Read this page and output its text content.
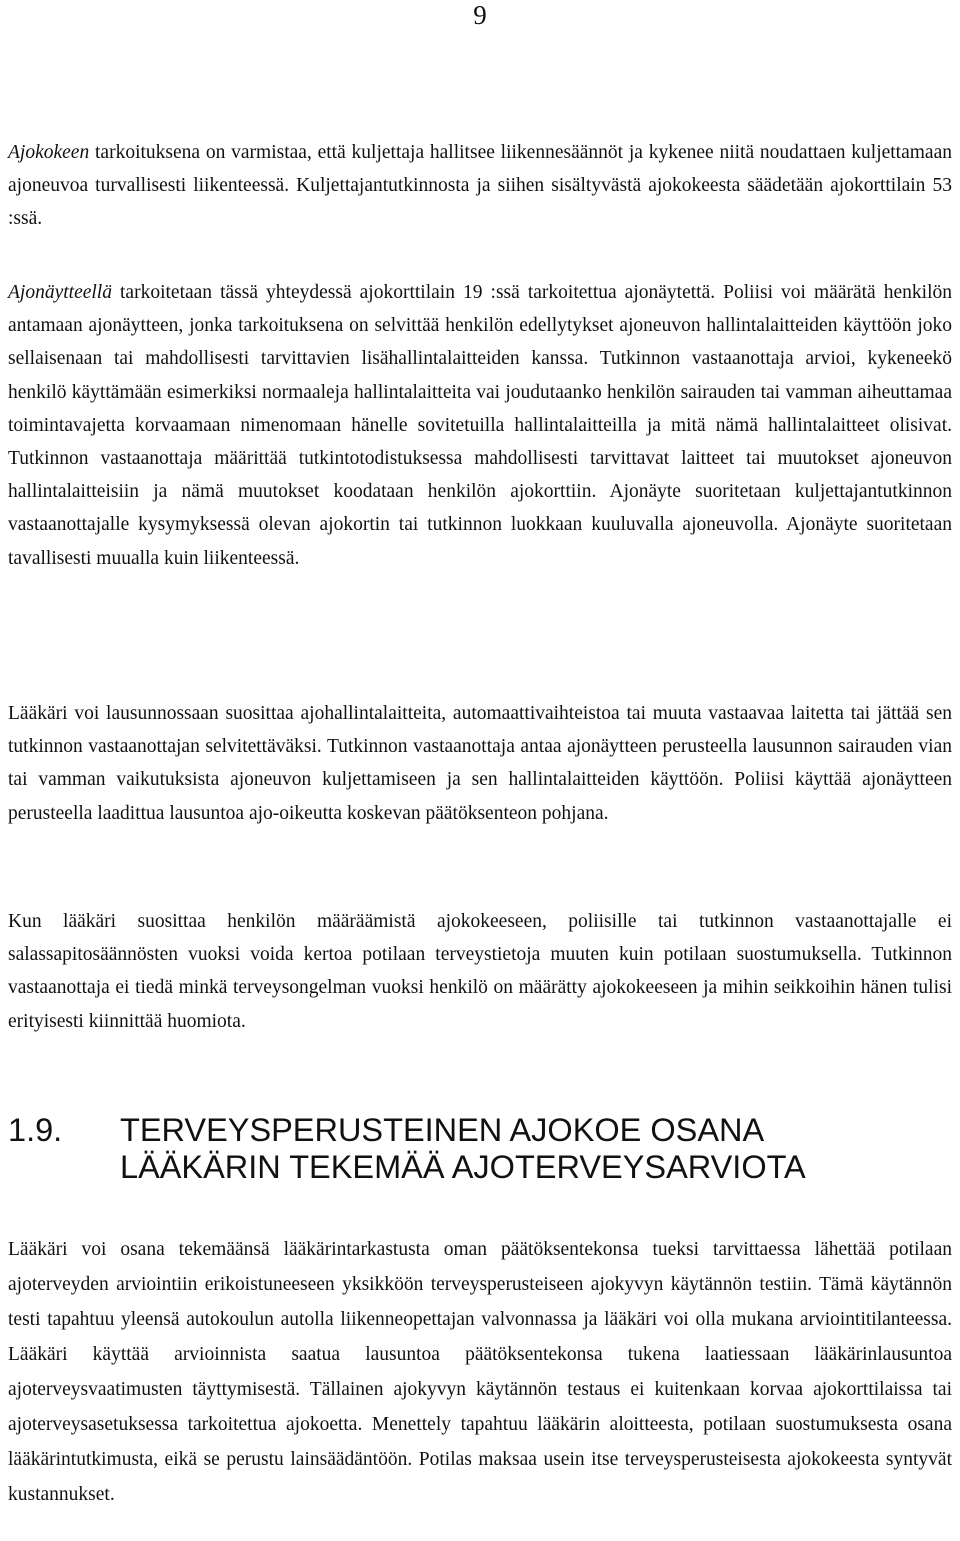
9

Ajokokeen tarkoituksena on varmistaa, että kuljettaja hallitsee liikennesäännöt ja kykenee niitä noudattaen kuljettamaan ajoneuvoa turvallisesti liikenteessä. Kuljettajantutkinnosta ja siihen sisältyvästä ajokokeesta säädetään ajokorttilain 53 :ssä.

Ajonäytteellä tarkoitetaan tässä yhteydessä ajokorttilain 19 :ssä tarkoitettua ajonäytettä. Poliisi voi määrätä henkilön antamaan ajonäytteen, jonka tarkoituksena on selvittää henkilön edellytykset ajoneuvon hallintalaitteiden käyttöön joko sellaisenaan tai mahdollisesti tarvittavien lisähallintalaitteiden kanssa. Tutkinnon vastaanottaja arvioi, kykeneekö henkilö käyttämään esimerkiksi normaaleja hallintalaitteita vai joudutaanko henkilön sairauden tai vamman aiheuttamaa toimintavajetta korvaamaan nimenomaan hänelle sovitetuilla hallintalaitteilla ja mitä nämä hallintalaitteet olisivat. Tutkinnon vastaanottaja määrittää tutkintotodistuksessa mahdollisesti tarvittavat laitteet tai muutokset ajoneuvon hallintalaitteisiin ja nämä muutokset koodataan henkilön ajokorttiin. Ajonäyte suoritetaan kuljettajantutkinnon vastaanottajalle kysymyksessä olevan ajokortin tai tutkinnon luokkaan kuuluvalla ajoneuvolla. Ajonäyte suoritetaan tavallisesti muualla kuin liikenteessä.

Lääkäri voi lausunnossaan suosittaa ajohallintalaitteita, automaattivaihteistoa tai muuta vastaavaa laitetta tai jättää sen tutkinnon vastaanottajan selvitettäväksi. Tutkinnon vastaanottaja antaa ajonäytteen perusteella lausunnon sairauden vian tai vamman vaikutuksista ajoneuvon kuljettamiseen ja sen hallintalaitteiden käyttöön. Poliisi käyttää ajonäytteen perusteella laadittua lausuntoa ajo-oikeutta koskevan päätöksenteon pohjana.

Kun lääkäri suosittaa henkilön määräämistä ajokokeeseen, poliisille tai tutkinnon vastaanottajalle ei salassapitosäännösten vuoksi voida kertoa potilaan terveystietoja muuten kuin potilaan suostumuksella. Tutkinnon vastaanottaja ei tiedä minkä terveysongelman vuoksi henkilö on määrätty ajokokeeseen ja mihin seikkoihin hänen tulisi erityisesti kiinnittää huomiota.

1.9. TERVEYSPERUSTEINEN AJOKOE OSANA
LÄÄKÄRIN TEKEMÄÄ AJOTERVEYSARVIOTA

Lääkäri voi osana tekemäänsä lääkärintarkastusta oman päätöksentekonsa tueksi tarvittaessa lähettää potilaan ajoterveyden arviointiin erikoistuneeseen yksikköön terveysperusteiseen ajokyvyn käytännön testiin. Tämä käytännön testi tapahtuu yleensä autokoulun autolla liikenneopettajan valvonnassa ja lääkäri voi olla mukana arviointitilanteessa. Lääkäri käyttää arvioinnista saatua lausuntoa päätöksentekonsa tukena laatiessaan lääkärinlausuntoa ajoterveysvaatimusten täyttymisestä. Tällainen ajokyvyn käytännön testaus ei kuitenkaan korvaa ajokorttilaissa tai ajoterveysasetuksessa tarkoitettua ajokoetta. Menettely tapahtuu lääkärin aloitteesta, potilaan suostumuksesta osana lääkärintutkimusta, eikä se perustu lainsäädäntöön. Potilas maksaa usein itse terveysperusteisesta ajokokeesta syntyvät kustannukset.
